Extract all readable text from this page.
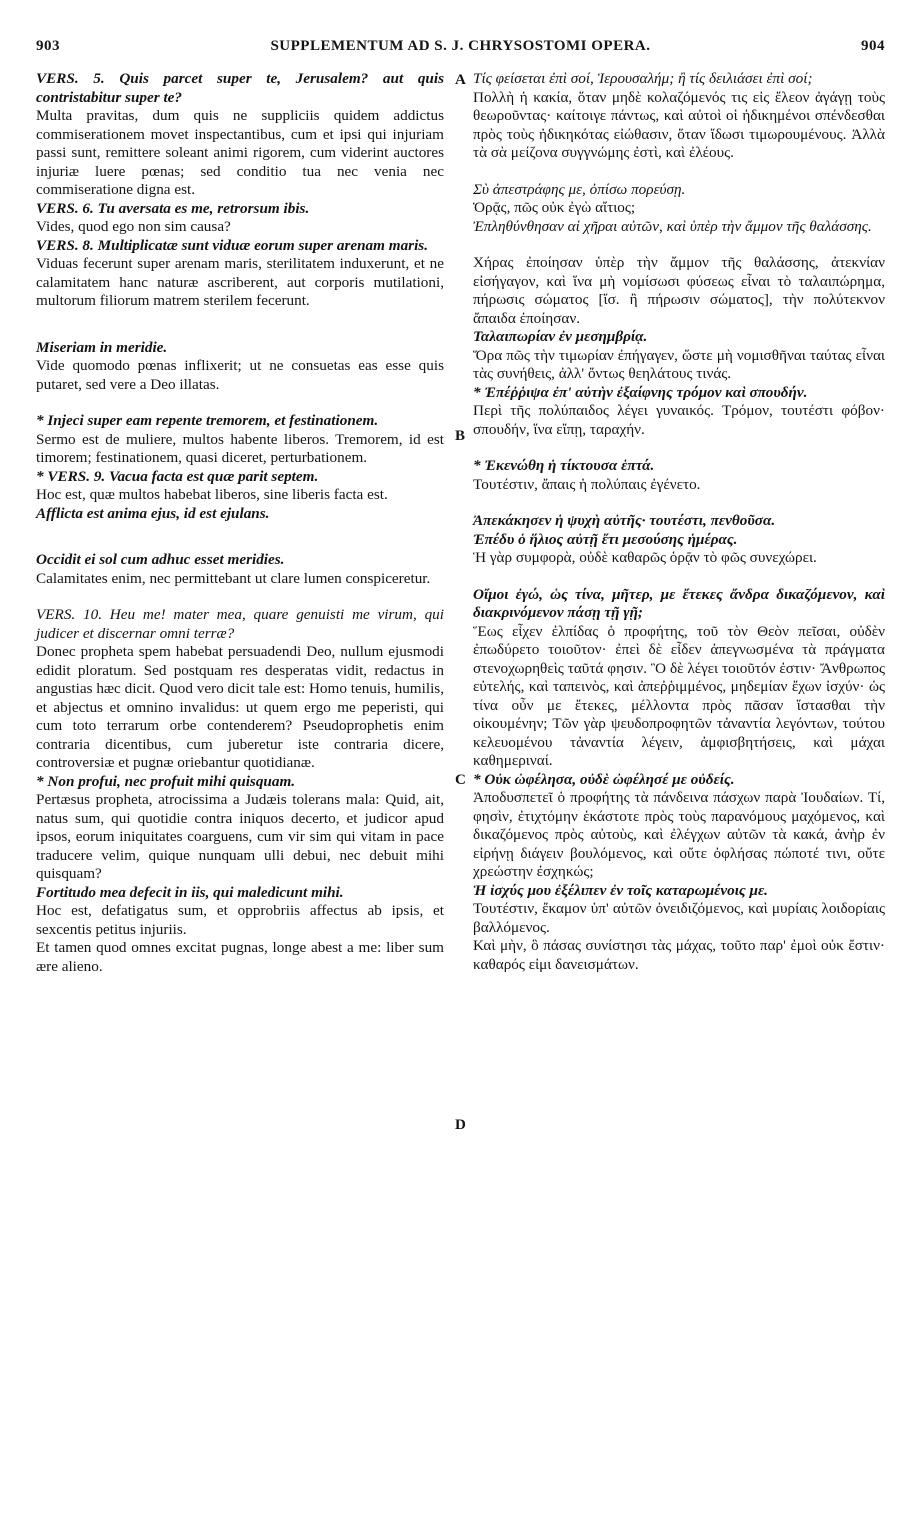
903	SUPPLEMENTUM AD S. J. CHRYSOSTOMI OPERA.	904
A
B
C
D

VERS. 5. Quis parcet super te, Jerusalem? aut quis contristabitur super te?

Multa pravitas, dum quis ne suppliciis quidem addictus commiserationem movet inspectantibus, cum et ipsi qui injuriam passi sunt, remittere soleant animi rigorem, cum viderint auctores injuriæ luere pœnas; sed conditio tua nec venia nec commiseratione digna est.

VERS. 6. Tu aversata es me, retrorsum ibis.

Vides, quod ego non sim causa?

VERS. 8. Multiplicatæ sunt viduæ eorum super arenam maris.

Viduas fecerunt super arenam maris, sterilitatem induxerunt, et ne calamitatem hanc naturæ ascriberent, aut corporis mutilationi, multorum filiorum matrem sterilem fecerunt.

Miseriam in meridie.

Vide quomodo pœnas inflixerit; ut ne consuetas eas esse quis putaret, sed vere a Deo illatas.

* Injeci super eam repente tremorem, et festinationem.

Sermo est de muliere, multos habente liberos. Tremorem, id est timorem; festinationem, quasi diceret, perturbationem.

* VERS. 9. Vacua facta est quæ parit septem.

Hoc est, quæ multos habebat liberos, sine liberis facta est.

Afflicta est anima ejus, id est ejulans.

Occidit ei sol cum adhuc esset meridies.

Calamitates enim, nec permittebant ut clare lumen conspiceretur.

VERS. 10. Heu me! mater mea, quare genuisti me virum, qui judicer et discernar omni terræ?

Donec propheta spem habebat persuadendi Deo, nullum ejusmodi edidit ploratum. Sed postquam res desperatas vidit, redactus in angustias hæc dicit. Quod vero dicit tale est: Homo tenuis, humilis, et abjectus et omnino invalidus: ut quem ergo me peperisti, qui cum toto terrarum orbe contenderem? Pseudoprophetis enim contraria dicentibus, cum juberetur iste contraria dicere, controversiæ et pugnæ oriebantur quotidianæ.

* Non profui, nec profuit mihi quisquam.

Pertæsus propheta, atrocissima a Judæis tolerans mala: Quid, ait, natus sum, qui quotidie contra iniquos decerto, et judicor apud ipsos, eorum iniquitates coarguens, cum vir sim qui vitam in pace traducere velim, quique nunquam ulli debui, nec debuit mihi quisquam?

Fortitudo mea defecit in iis, qui maledicunt mihi.

Hoc est, defatigatus sum, et opprobriis affectus ab ipsis, et sexcentis petitus injuriis.

Et tamen quod omnes excitat pugnas, longe abest a me: liber sum ære alieno.

Τίς φείσεται ἐπὶ σοί, Ἱερουσαλήμ; ἢ τίς δειλιάσει ἐπὶ σοί;

Πολλὴ ἡ κακία, ὅταν μηδὲ κολαζόμενός τις εἰς ἔλεον ἀγάγῃ τοὺς θεωροῦντας· καίτοιγε πάντως, καὶ αὐτοὶ οἱ ἠδικημένοι σπένδεσθαι πρὸς τοὺς ἠδικηκότας εἰώθασιν, ὅταν ἴδωσι τιμωρουμένους. Ἀλλὰ τὰ σὰ μείζονα συγγνώμης ἐστὶ, καὶ ἐλέους.

Σὺ ἀπεστράφης με, ὀπίσω πορεύσῃ.

Ὁρᾷς, πῶς οὐκ ἐγὼ αἴτιος;

Ἐπληθύνθησαν αἱ χῆραι αὐτῶν, καὶ ὑπὲρ τὴν ἄμμον τῆς θαλάσσης.

Χήρας ἐποίησαν ὑπὲρ τὴν ἄμμον τῆς θαλάσσης, ἀτεκνίαν εἰσήγαγον, καὶ ἵνα μὴ νομίσωσι φύσεως εἶναι τὸ ταλαιπώρημα, πήρωσις σώματος [ἴσ. ἢ πήρωσιν σώματος], τὴν πολύτεκνον ἄπαιδα ἐποίησαν.

Ταλαιπωρίαν ἐν μεσημβρίᾳ.

Ὅρα πῶς τὴν τιμωρίαν ἐπήγαγεν, ὥστε μὴ νομισθῆναι ταύτας εἶναι τὰς συνήθεις, ἀλλ' ὄντως θεηλάτους τινάς.

* Ἐπέῤῥιψα ἐπ' αὐτὴν ἐξαίφνης τρόμον καὶ σπουδήν.

Περὶ τῆς πολύπαιδος λέγει γυναικός. Τρόμον, τουτέστι φόβον· σπουδήν, ἵνα εἴπῃ, ταραχήν.

* Ἐκενώθη ἡ τίκτουσα ἑπτά.

Τουτέστιν, ἄπαις ἡ πολύπαις ἐγένετο.

Ἀπεκάκησεν ἡ ψυχὴ αὐτῆς· τουτέστι, πενθοῦσα.

Ἐπέδυ ὁ ἥλιος αὐτῇ ἔτι μεσούσης ἡμέρας.

Ἡ γὰρ συμφορὰ, οὐδὲ καθαρῶς ὁρᾷν τὸ φῶς συνεχώρει.

Οἴμοι ἐγώ, ὡς τίνα, μῆτερ, με ἔτεκες ἄνδρα δικαζόμενον, καὶ διακρινόμενον πάσῃ τῇ γῇ;

Ἕως εἶχεν ἐλπίδας ὁ προφήτης, τοῦ τὸν Θεὸν πεῖσαι, οὐδὲν ἐπωδύρετο τοιοῦτον· ἐπεὶ δὲ εἶδεν ἀπεγνωσμένα τὰ πράγματα στενοχωρηθεὶς ταῦτά φησιν. Ὃ δὲ λέγει τοιοῦτόν ἐστιν· Ἄνθρωπος εὐτελής, καὶ ταπεινὸς, καὶ ἀπεῤῥιμμένος, μηδεμίαν ἔχων ἰσχύν· ὡς τίνα οὖν με ἔτεκες, μέλλοντα πρὸς πᾶσαν ἵστασθαι τὴν οἰκουμένην; Τῶν γὰρ ψευδοπροφητῶν τἀναντία λεγόντων, τούτου κελευομένου τἀναντία λέγειν, ἀμφισβητήσεις, καὶ μάχαι καθημεριναί.

* Οὐκ ὠφέλησα, οὐδὲ ὠφέλησέ με οὐδείς.

Ἀποδυσπετεῖ ὁ προφήτης τὰ πάνδεινα πάσχων παρὰ Ἰουδαίων. Τί, φησὶν, ἐτιχτόμην ἑκάστοτε πρὸς τοὺς παρανόμους μαχόμενος, καὶ δικαζόμενος πρὸς αὐτοὺς, καὶ ἐλέγχων αὐτῶν τὰ κακά, ἀνὴρ ἐν εἰρήνῃ διάγειν βουλόμενος, καὶ οὔτε ὀφλήσας πώποτέ τινι, οὔτε χρεώστην ἐσχηκώς;

Ἡ ἰσχύς μου ἐξέλιπεν ἐν τοῖς καταρωμένοις με.

Τουτέστιν, ἔκαμον ὑπ' αὐτῶν ὀνειδιζόμενος, καὶ μυρίαις λοιδορίαις βαλλόμενος.

Καὶ μὴν, ὃ πάσας συνίστησι τὰς μάχας, τοῦτο παρ' ἐμοὶ οὐκ ἔστιν· καθαρός εἰμι δανεισμάτων.
